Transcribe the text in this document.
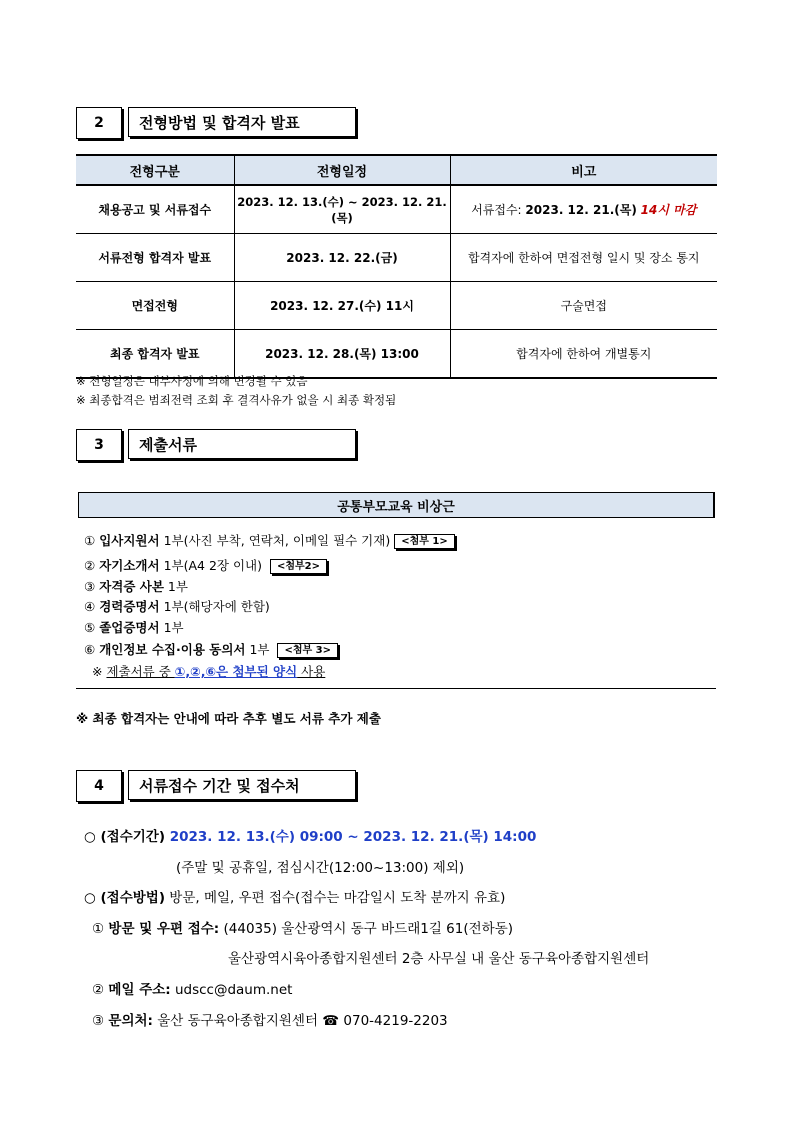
2	전형방법 및 합격자 발표
전형구분	전형일정	비고
채용공고 및 서류접수	2023. 12. 13.(수) ~ 2023. 12. 21.(목)	서류접수: 2023. 12. 21.(목) 14시 마감
서류전형 합격자 발표	2023. 12. 22.(금)	합격자에 한하여 면접전형 일시 및 장소 통지
면접전형	2023. 12. 27.(수) 11시	구술면접
최종 합격자 발표	2023. 12. 28.(목) 13:00	합격자에 한하여 개별통지
※ 전형일정은 내부사정에 의해 변경될 수 있음
※ 최종합격은 범죄전력 조회 후 결격사유가 없을 시 최종 확정됨
3	제출서류
공통부모교육 비상근
① 입사지원서 1부(사진 부착, 연락처, 이메일 필수 기재) <첨부 1>
② 자기소개서 1부(A4 2장 이내) <첨부2>
③ 자격증 사본 1부
④ 경력증명서 1부(해당자에 한함)
⑤ 졸업증명서 1부
⑥ 개인정보 수집·이용 동의서 1부 <첨부 3>
※ 제출서류 중 ①,②,⑥은 첨부된 양식 사용
※ 최종 합격자는 안내에 따라 추후 별도 서류 추가 제출
4	서류접수 기간 및 접수처
○ (접수기간) 2023. 12. 13.(수) 09:00 ~ 2023. 12. 21.(목) 14:00
(주말 및 공휴일, 점심시간(12:00~13:00) 제외)
○ (접수방법) 방문, 메일, 우편 접수(접수는 마감일시 도착 분까지 유효)
① 방문 및 우편 접수: (44035) 울산광역시 동구 바드래1길 61(전하동)
울산광역시육아종합지원센터 2층 사무실 내 울산 동구육아종합지원센터
② 메일 주소: udscc@daum.net
③ 문의처: 울산 동구육아종합지원센터 ☎ 070-4219-2203
